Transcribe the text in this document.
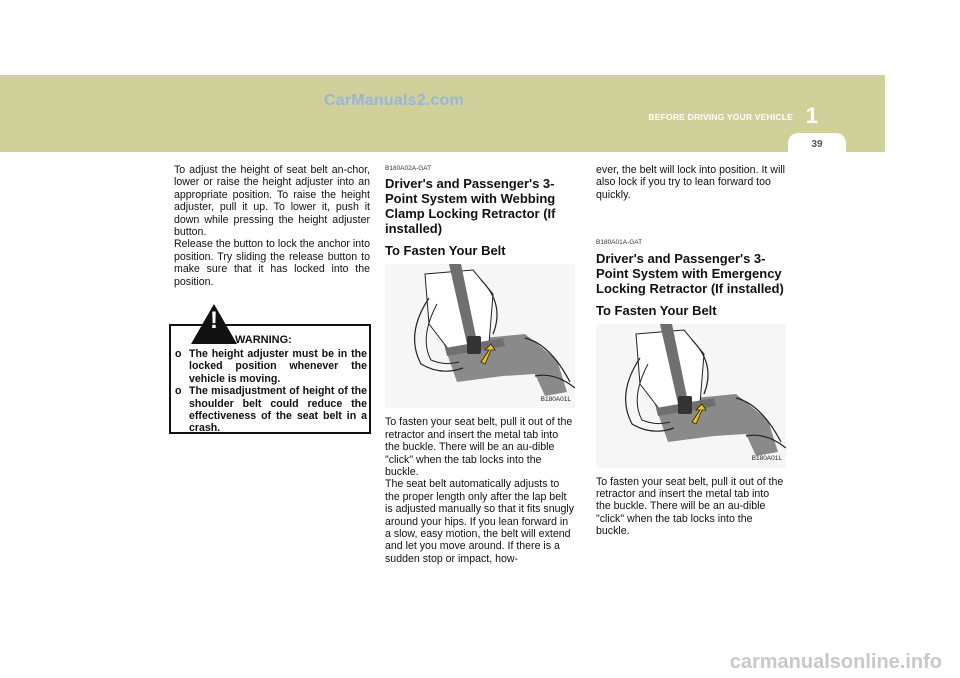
CarManuals2.com
BEFORE DRIVING YOUR VEHICLE 1
39

To adjust the height of seat belt an-chor, lower or raise the height adjuster into an appropriate position. To raise the height adjuster, pull it up. To lower it, push it down while pressing the height adjuster button.

Release the button to lock the anchor into position. Try sliding the release button to make sure that it has locked into the position.

!
WARNING:
o The height adjuster must be in the locked position whenever the vehicle is moving.
o The misadjustment of height of the shoulder belt could reduce the effectiveness of the seat belt in a crash.
B180A02A-GAT
Driver's and Passenger's 3-Point System with Webbing Clamp Locking Retractor (If installed)
To Fasten Your Belt
B180A01L

To fasten your seat belt, pull it out of the retractor and insert the metal tab into the buckle. There will be an au-dible "click" when the tab locks into the buckle.

The seat belt automatically adjusts to the proper length only after the lap belt is adjusted manually so that it fits snugly around your hips. If you lean forward in a slow, easy motion, the belt will extend and let you move around. If there is a sudden stop or impact, how-

ever, the belt will lock into position. It will also lock if you try to lean forward too quickly.

B180A01A-GAT
Driver's and Passenger's 3-Point System with Emergency Locking Retractor (If installed)
To Fasten Your Belt
B180A01L

To fasten your seat belt, pull it out of the retractor and insert the metal tab into the buckle. There will be an au-dible "click" when the tab locks into the buckle.

carmanualsonline.info
